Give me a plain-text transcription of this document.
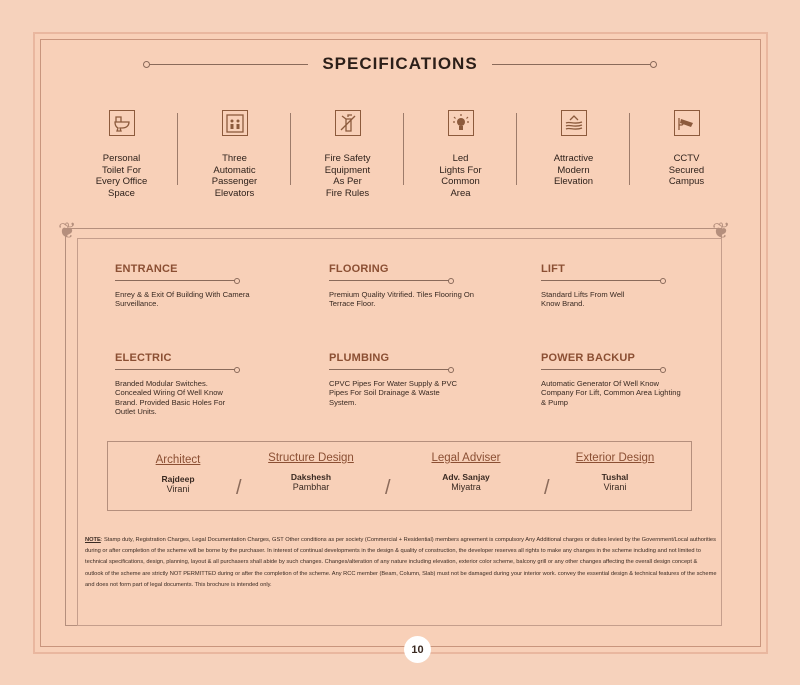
SPECIFICATIONS
Personal
Toilet For
Every Office
Space
Three
Automatic
Passenger
Elevators
Fire Safety
Equipment
As Per
Fire Rules
Led
Lights For
Common
Area
Attractive
Modern
Elevation
CCTV
Secured
Campus
❦	❦
ENTRANCE

Enrey & & Exit Of Building With Camera Surveillance.

FLOORING

Premium Quality Vitrified. Tiles Flooring On Terrace Floor.

LIFT

Standard Lifts From Well Know Brand.

ELECTRIC

Branded Modular Switches. Concealed Wiring Of Well Know Brand. Provided Basic Holes For Outlet Units.

PLUMBING

CPVC Pipes For Water Supply & PVC Pipes For Soil Drainage & Waste System.

POWER BACKUP

Automatic Generator Of Well Know Company For Lift, Common Area Lighting & Pump

Architect
Rajdeep
Virani	/
Structure Design
Dakshesh
Pambhar	/
Legal Adviser
Adv. Sanjay
Miyatra	/
Exterior Design
Tushal
Virani
NOTE: Stamp duty, Registration Charges, Legal Documentation Charges, GST Other conditions as per society (Commercial + Residential) members agreement is compulsory Any Additional charges or duties levied by the Government/Local authorities during or after completion of the scheme will be borne by the purchaser. In interest of continual developments in the design & quality of construction, the developer reserves all rights to make any changes in the scheme including and not limited to technical specifications, design, planning, layout & all purchasers shall abide by such changes. Changes/alteration of any nature including elevation, exterior color scheme, balcony grill or any other changes affecting the overall design concept & outlook of the scheme are strictly NOT PERMITTED during or after the completion of the scheme. Any RCC member (Beam, Column, Slab) must not be damaged during your interior work. convey the essential design & technical features of the scheme and does not form part of legal documents. This brochure is intended only.
10
